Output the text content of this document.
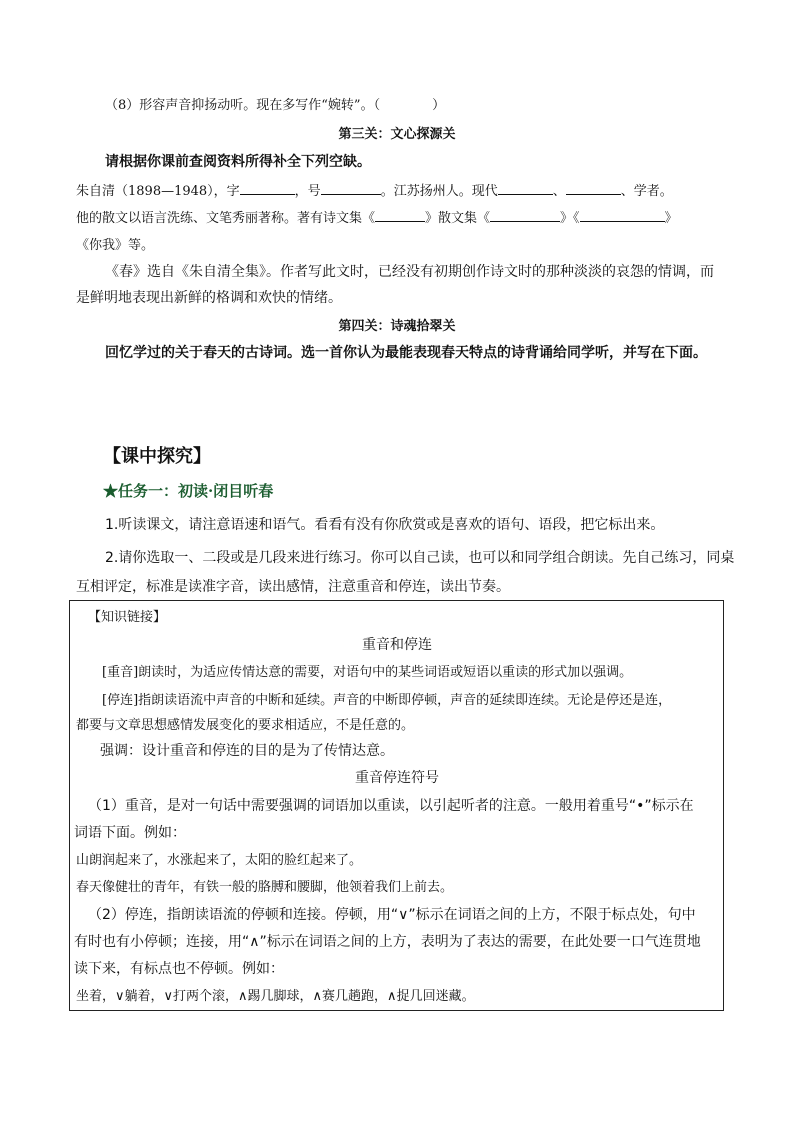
（8）形容声音抑扬动听。现在多写作“婉转”。（	）
第三关：文心探源关
请根据你课前查阅资料所得补全下列空缺。
朱自清（1898—1948），字	，号	。江苏扬州人。现代	、	、学者。
他的散文以语言洗练、文笔秀丽著称。著有诗文集《	》散文集《	》《	》
《你我》等。
《春》选自《朱自清全集》。作者写此文时，已经没有初期创作诗文时的那种淡淡的哀怨的情调，而
是鲜明地表现出新鲜的格调和欢快的情绪。
第四关：诗魂拾翠关
回忆学过的关于春天的古诗词。选一首你认为最能表现春天特点的诗背诵给同学听，并写在下面。
【课中探究】
★任务一：初读·闭目听春
1.听读课文，请注意语速和语气。看看有没有你欣赏或是喜欢的语句、语段，把它标出来。
2.请你选取一、二段或是几段来进行练习。你可以自己读，也可以和同学组合朗读。先自己练习，同桌
互相评定，标准是读准字音，读出感情，注意重音和停连，读出节奏。
【知识链接】
重音和停连
[重音]朗读时，为适应传情达意的需要，对语句中的某些词语或短语以重读的形式加以强调。
[停连]指朗读语流中声音的中断和延续。声音的中断即停顿，声音的延续即连续。无论是停还是连，
都要与文章思想感情发展变化的要求相适应，不是任意的。
强调：设计重音和停连的目的是为了传情达意。
重音停连符号
（1）重音，是对一句话中需要强调的词语加以重读，以引起听者的注意。一般用着重号“•”标示在
词语下面。例如：
山朗润起来了，水涨起来了，太阳的脸红起来了。
春天像健壮的青年，有铁一般的胳膊和腰脚，他领着我们上前去。
（2）停连，指朗读语流的停顿和连接。停顿，用“∨”标示在词语之间的上方，不限于标点处，句中
有时也有小停顿；连接，用“∧”标示在词语之间的上方，表明为了表达的需要，在此处要一口气连贯地
读下来，有标点也不停顿。例如：
坐着，∨躺着，∨打两个滚，∧踢几脚球，∧赛几趟跑，∧捉几回迷藏。
